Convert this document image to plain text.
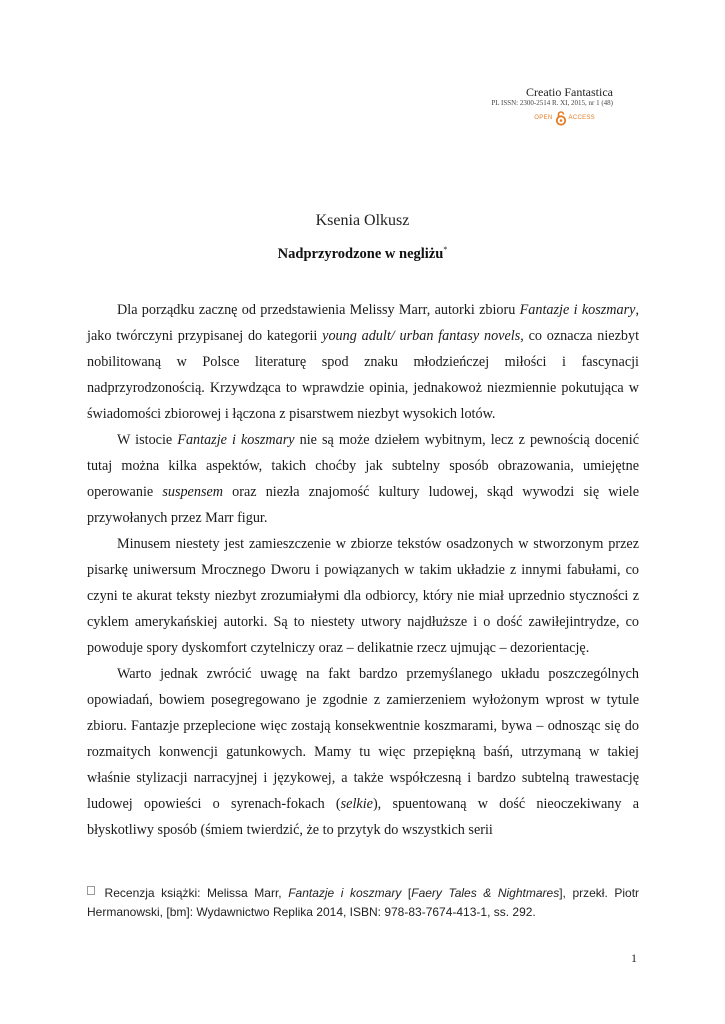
Creatio Fantastica
PL ISSN: 2300-2514 R. XI, 2015, nr 1 (48)
OPEN	ACCESS
Ksenia Olkusz
Nadprzyrodzone w negliżu*

Dla porządku zacznę od przedstawienia Melissy Marr, autorki zbioru Fantazje i koszmary, jako twórczyni przypisanej do kategorii young adult/ urban fantasy novels, co oznacza niezbyt nobilitowaną w Polsce literaturę spod znaku młodzieńczej miłości i fascynacji nadprzyrodzonością. Krzywdząca to wprawdzie opinia, jednakowoż niezmiennie pokutująca w świadomości zbiorowej i łączona z pisarstwem niezbyt wysokich lotów.

W istocie Fantazje i koszmary nie są może dziełem wybitnym, lecz z pewnością docenić tutaj można kilka aspektów, takich choćby jak subtelny sposób obrazowania, umiejętne operowanie suspensem oraz niezła znajomość kultury ludowej, skąd wywodzi się wiele przywołanych przez Marr figur.

Minusem niestety jest zamieszczenie w zbiorze tekstów osadzonych w stworzonym przez pisarkę uniwersum Mrocznego Dworu i powiązanych w takim układzie z innymi fabułami, co czyni te akurat teksty niezbyt zrozumiałymi dla odbiorcy, który nie miał uprzednio styczności z cyklem amerykańskiej autorki. Są to niestety utwory najdłuższe i o dość zawiłejintrydze, co powoduje spory dyskomfort czytelniczy oraz – delikatnie rzecz ujmując – dezorientację.

Warto jednak zwrócić uwagę na fakt bardzo przemyślanego układu poszczególnych opowiadań, bowiem posegregowano je zgodnie z zamierzeniem wyłożonym wprost w tytule zbioru. Fantazje przeplecione więc zostają konsekwentnie koszmarami, bywa – odnosząc się do rozmaitych konwencji gatunkowych. Mamy tu więc przepiękną baśń, utrzymaną w takiej właśnie stylizacji narracyjnej i językowej, a także współczesną i bardzo subtelną trawestację ludowej opowieści o syrenach-fokach (selkie), spuentowaną w dość nieoczekiwany a błyskotliwy sposób (śmiem twierdzić, że to przytyk do wszystkich serii

Recenzja książki: Melissa Marr, Fantazje i koszmary [Faery Tales & Nightmares], przekł. Piotr Hermanowski, [bm]: Wydawnictwo Replika 2014, ISBN: 978-83-7674-413-1, ss. 292.
1
